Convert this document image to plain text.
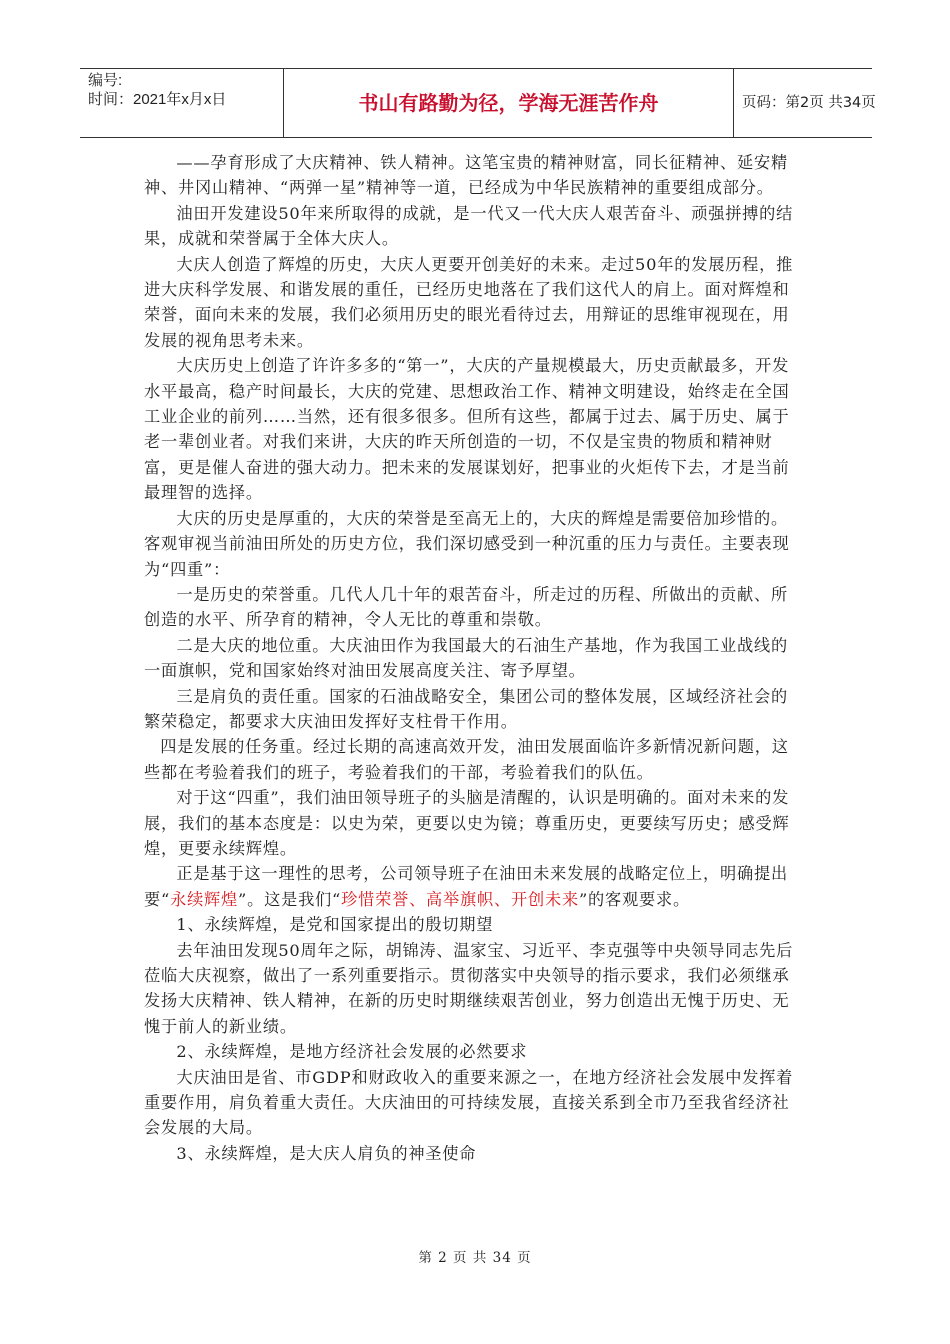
编号:
时间：2021年x月x日	书山有路勤为径，学海无涯苦作舟	页码：第2页 共34页

——孕育形成了大庆精神、铁人精神。这笔宝贵的精神财富，同长征精神、延安精神、井冈山精神、“两弹一星”精神等一道，已经成为中华民族精神的重要组成部分。

油田开发建设50年来所取得的成就，是一代又一代大庆人艰苦奋斗、顽强拼搏的结果，成就和荣誉属于全体大庆人。

大庆人创造了辉煌的历史，大庆人更要开创美好的未来。走过50年的发展历程，推进大庆科学发展、和谐发展的重任，已经历史地落在了我们这代人的肩上。面对辉煌和荣誉，面向未来的发展，我们必须用历史的眼光看待过去，用辩证的思维审视现在，用发展的视角思考未来。

大庆历史上创造了许许多多的“第一”，大庆的产量规模最大，历史贡献最多，开发水平最高，稳产时间最长，大庆的党建、思想政治工作、精神文明建设，始终走在全国工业企业的前列……当然，还有很多很多。但所有这些，都属于过去、属于历史、属于老一辈创业者。对我们来讲，大庆的昨天所创造的一切，不仅是宝贵的物质和精神财富，更是催人奋进的强大动力。把未来的发展谋划好，把事业的火炬传下去，才是当前最理智的选择。

大庆的历史是厚重的，大庆的荣誉是至高无上的，大庆的辉煌是需要倍加珍惜的。客观审视当前油田所处的历史方位，我们深切感受到一种沉重的压力与责任。主要表现为“四重”：

一是历史的荣誉重。几代人几十年的艰苦奋斗，所走过的历程、所做出的贡献、所创造的水平、所孕育的精神，令人无比的尊重和崇敬。

二是大庆的地位重。大庆油田作为我国最大的石油生产基地，作为我国工业战线的一面旗帜，党和国家始终对油田发展高度关注、寄予厚望。

三是肩负的责任重。国家的石油战略安全，集团公司的整体发展，区域经济社会的繁荣稳定，都要求大庆油田发挥好支柱骨干作用。

四是发展的任务重。经过长期的高速高效开发，油田发展面临许多新情况新问题，这些都在考验着我们的班子，考验着我们的干部，考验着我们的队伍。

对于这“四重”，我们油田领导班子的头脑是清醒的，认识是明确的。面对未来的发展，我们的基本态度是：以史为荣，更要以史为镜；尊重历史，更要续写历史；感受辉煌，更要永续辉煌。

正是基于这一理性的思考，公司领导班子在油田未来发展的战略定位上，明确提出要“永续辉煌”。这是我们“珍惜荣誉、高举旗帜、开创未来”的客观要求。

1、永续辉煌，是党和国家提出的殷切期望

去年油田发现50周年之际，胡锦涛、温家宝、习近平、李克强等中央领导同志先后莅临大庆视察，做出了一系列重要指示。贯彻落实中央领导的指示要求，我们必须继承发扬大庆精神、铁人精神，在新的历史时期继续艰苦创业，努力创造出无愧于历史、无愧于前人的新业绩。

2、永续辉煌，是地方经济社会发展的必然要求

大庆油田是省、市GDP和财政收入的重要来源之一，在地方经济社会发展中发挥着重要作用，肩负着重大责任。大庆油田的可持续发展，直接关系到全市乃至我省经济社会发展的大局。

3、永续辉煌，是大庆人肩负的神圣使命

第 2 页 共 34 页
